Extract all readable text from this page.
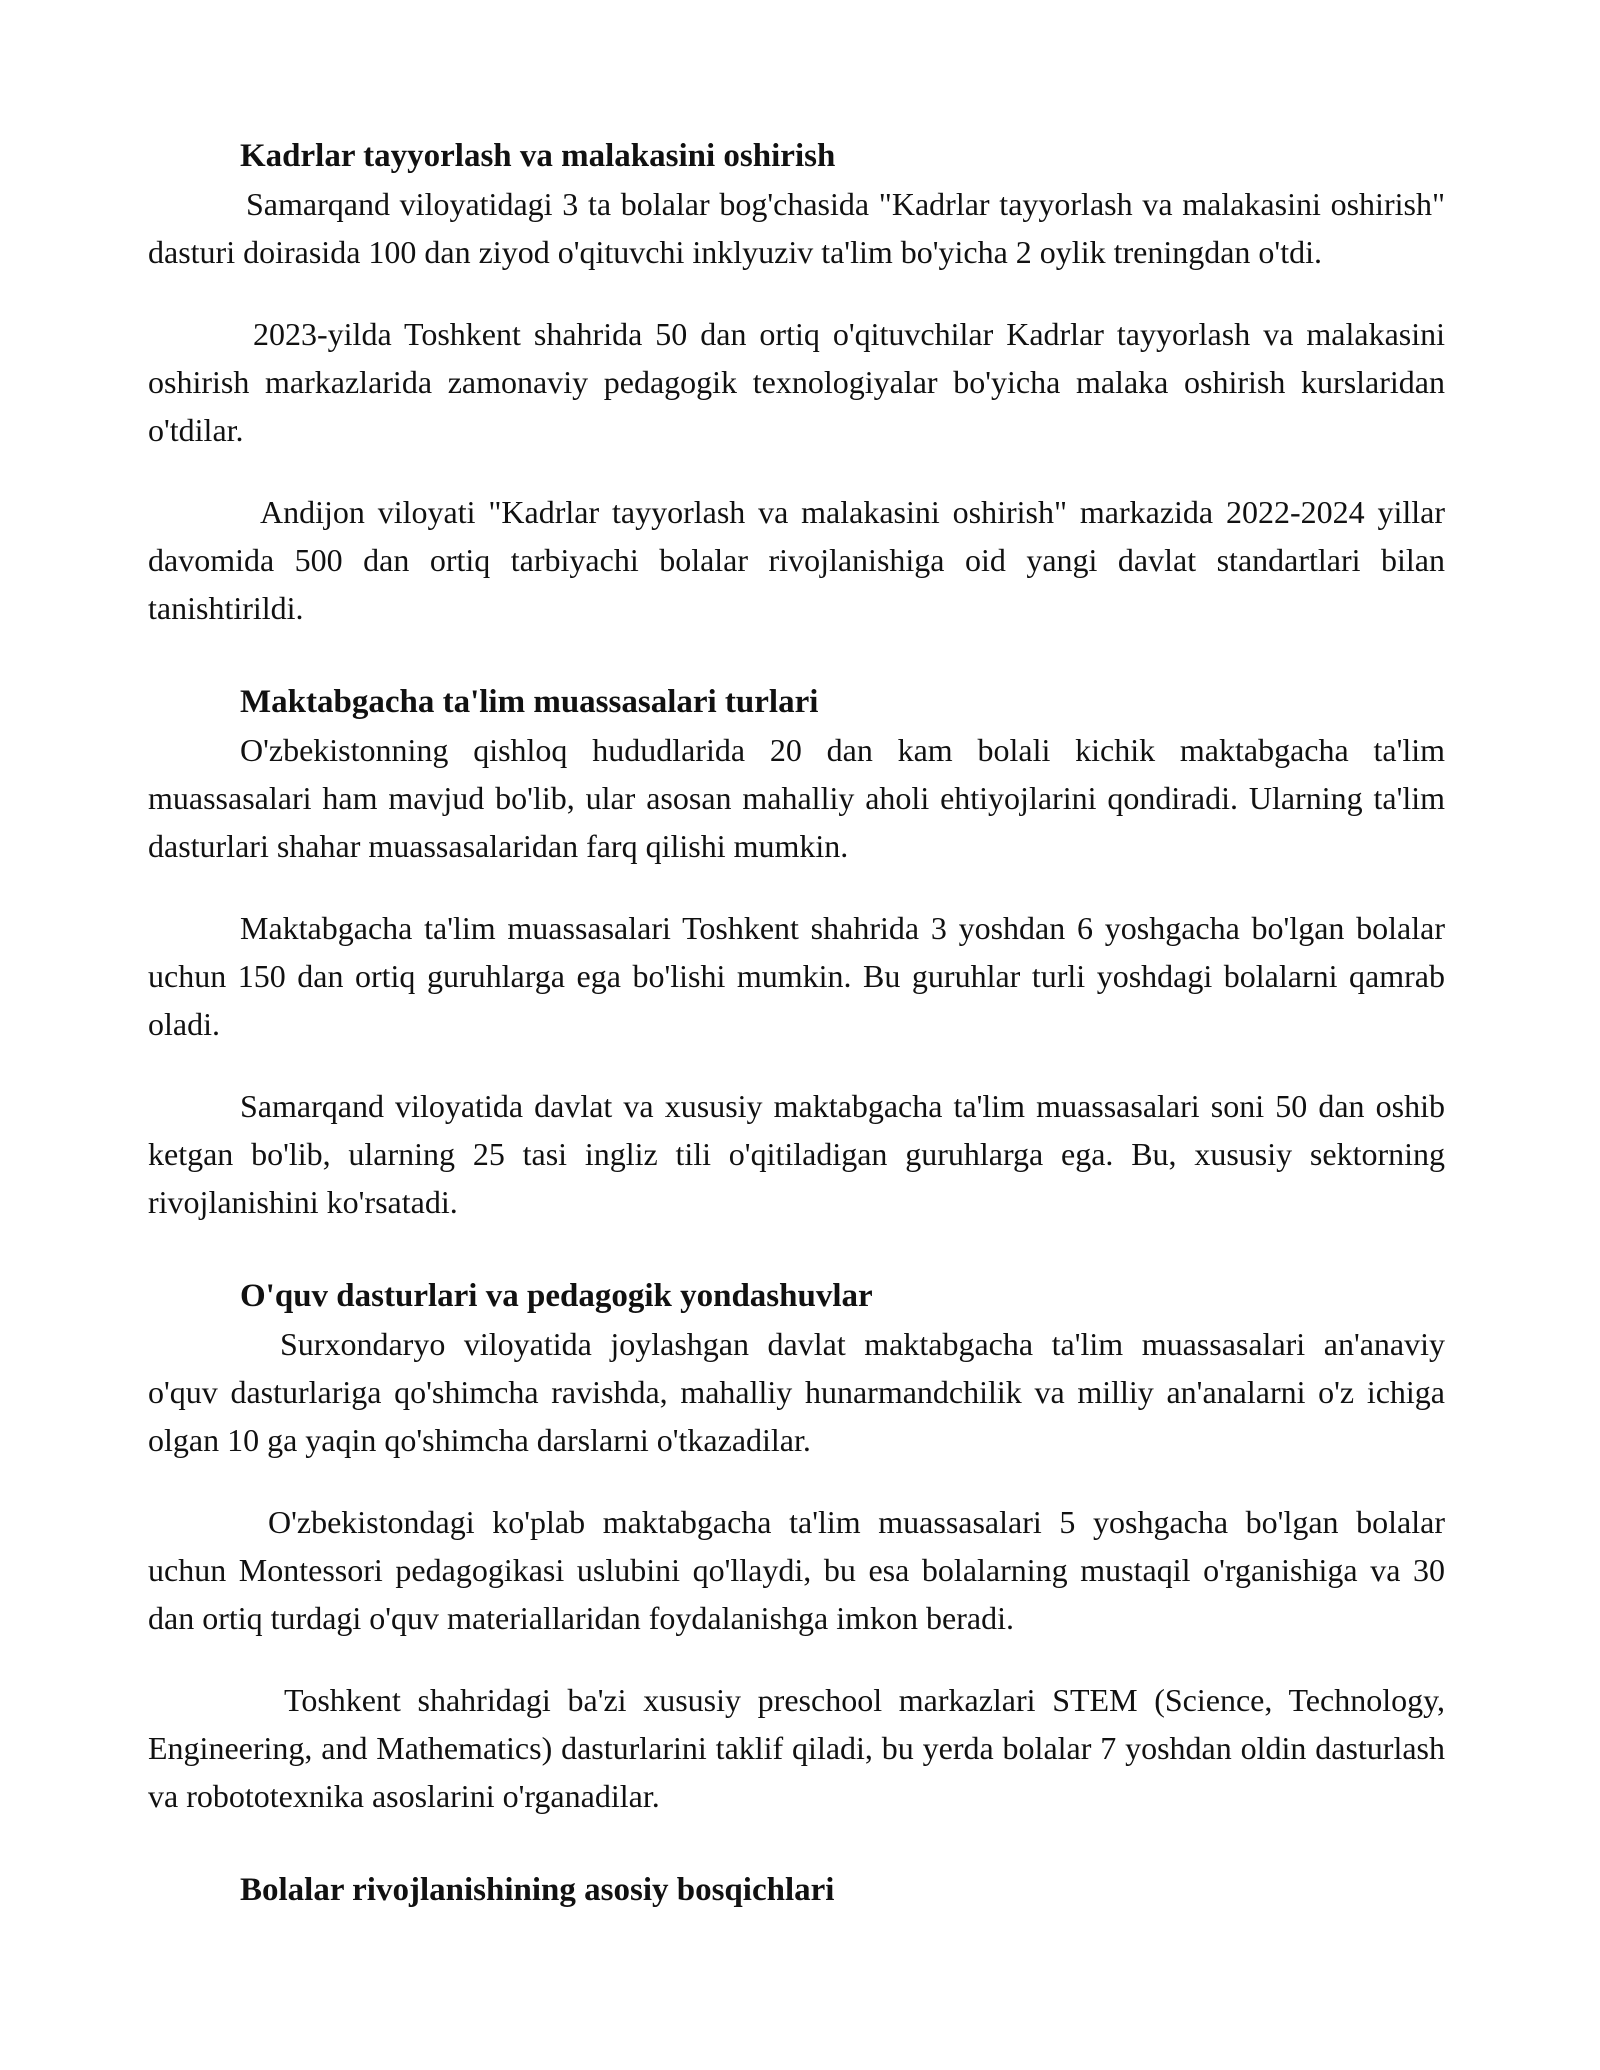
Kadrlar tayyorlash va malakasini oshirish

Samarqand viloyatidagi 3 ta bolalar bog'chasida "Kadrlar tayyorlash va malakasini oshirish" dasturi doirasida 100 dan ziyod o'qituvchi inklyuziv ta'lim bo'yicha 2 oylik treningdan o'tdi.

2023-yilda Toshkent shahrida 50 dan ortiq o'qituvchilar Kadrlar tayyorlash va malakasini oshirish markazlarida zamonaviy pedagogik texnologiyalar bo'yicha malaka oshirish kurslaridan o'tdilar.

Andijon viloyati "Kadrlar tayyorlash va malakasini oshirish" markazida 2022-2024 yillar davomida 500 dan ortiq tarbiyachi bolalar rivojlanishiga oid yangi davlat standartlari bilan tanishtirildi.

Maktabgacha ta'lim muassasalari turlari

O'zbekistonning qishloq hududlarida 20 dan kam bolali kichik maktabgacha ta'lim muassasalari ham mavjud bo'lib, ular asosan mahalliy aholi ehtiyojlarini qondiradi. Ularning ta'lim dasturlari shahar muassasalaridan farq qilishi mumkin.

Maktabgacha ta'lim muassasalari Toshkent shahrida 3 yoshdan 6 yoshgacha bo'lgan bolalar uchun 150 dan ortiq guruhlarga ega bo'lishi mumkin. Bu guruhlar turli yoshdagi bolalarni qamrab oladi.

Samarqand viloyatida davlat va xususiy maktabgacha ta'lim muassasalari soni 50 dan oshib ketgan bo'lib, ularning 25 tasi ingliz tili o'qitiladigan guruhlarga ega. Bu, xususiy sektorning rivojlanishini ko'rsatadi.

O'quv dasturlari va pedagogik yondashuvlar

Surxondaryo viloyatida joylashgan davlat maktabgacha ta'lim muassasalari an'anaviy o'quv dasturlariga qo'shimcha ravishda, mahalliy hunarmandchilik va milliy an'analarni o'z ichiga olgan 10 ga yaqin qo'shimcha darslarni o'tkazadilar.

O'zbekistondagi ko'plab maktabgacha ta'lim muassasalari 5 yoshgacha bo'lgan bolalar uchun Montessori pedagogikasi uslubini qo'llaydi, bu esa bolalarning mustaqil o'rganishiga va 30 dan ortiq turdagi o'quv materiallaridan foydalanishga imkon beradi.

Toshkent shahridagi ba'zi xususiy preschool markazlari STEM (Science, Technology, Engineering, and Mathematics) dasturlarini taklif qiladi, bu yerda bolalar 7 yoshdan oldin dasturlash va robototexnika asoslarini o'rganadilar.

Bolalar rivojlanishining asosiy bosqichlari
